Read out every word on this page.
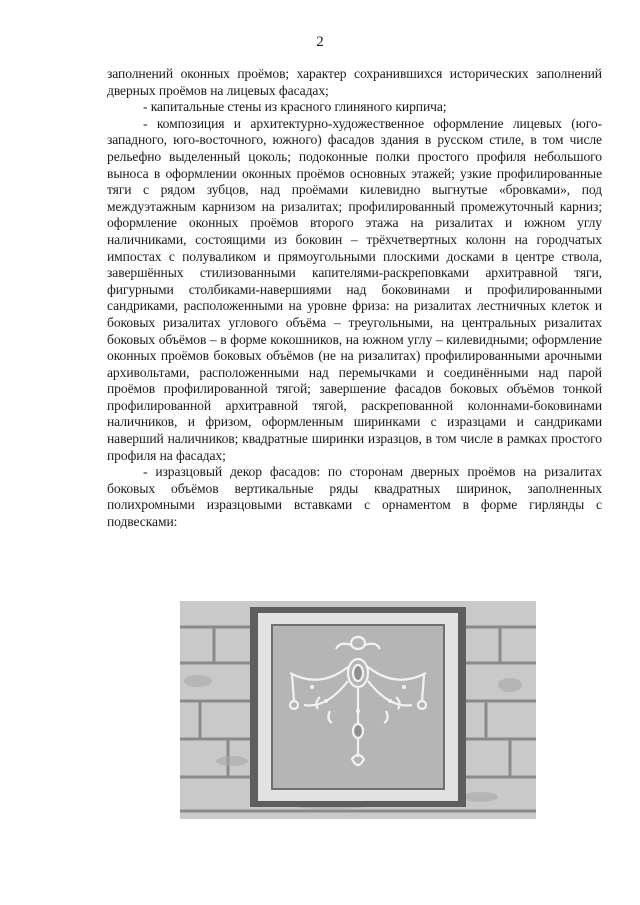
2

заполнений оконных проёмов; характер сохранившихся исторических заполнений дверных проёмов на лицевых фасадах;

- капитальные стены из красного глиняного кирпича;

- композиция и архитектурно-художественное оформление лицевых (юго-западного, юго-восточного, южного) фасадов здания в русском стиле, в том числе рельефно выделенный цоколь; подоконные полки простого профиля небольшого выноса в оформлении оконных проёмов основных этажей; узкие профилированные тяги с рядом зубцов, над проёмами килевидно выгнутые «бровками», под междуэтажным карнизом на ризалитах; профилированный промежуточный карниз; оформление оконных проёмов второго этажа на ризалитах и южном углу наличниками, состоящими из боковин – трёхчетвертных колонн на городчатых импостах с полуваликом и прямоугольными плоскими досками в центре ствола, завершённых стилизованными капителями-раскреповками архитравной тяги, фигурными столбиками-навершиями над боковинами и профилированными сандриками, расположенными на уровне фриза: на ризалитах лестничных клеток и боковых ризалитах углового объёма – треугольными, на центральных ризалитах боковых объёмов – в форме кокошников, на южном углу – килевидными; оформление оконных проёмов боковых объёмов (не на ризалитах) профилированными арочными архивольтами, расположенными над перемычками и соединёнными над парой проёмов профилированной тягой; завершение фасадов боковых объёмов тонкой профилированной архитравной тягой, раскрепованной колоннами-боковинами наличников, и фризом, оформленным ширинками с изразцами и сандриками наверший наличников; квадратные ширинки изразцов, в том числе в рамках простого профиля на фасадах;

- изразцовый декор фасадов: по сторонам дверных проёмов на ризалитах боковых объёмов вертикальные ряды квадратных ширинок, заполненных полихромными изразцовыми вставками с орнаментом в форме гирлянды с подвесками:
